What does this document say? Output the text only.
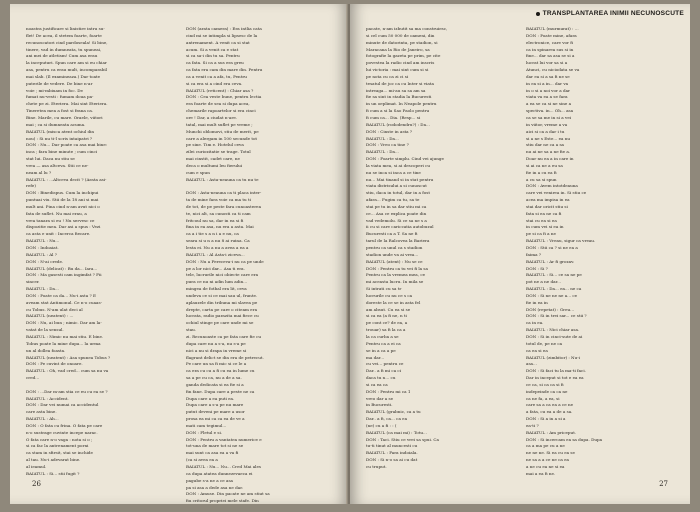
noastra justificare si linistire intru su-
flet! De acea, il stetem foarte, foarte
recunoscatori cind pardoseala! Si bine,
tinere, vad in dumneata, tu spuneai,
ani mei de atletism! Cum asa erau
la inceputuri. Spun care am si eu chiar
asa, pentru ca erau mult, incomparabil
mai slab. (Il examineaza.) Dar toate
puterile de vedere. De bine n-ar
voie ; mi-mbiuam in foc. De
fumat nu-vesti : fumam doua pa-
chete pe zi. Eteriera. Mai sint Eteriera.
Tineretea mea a fost si frana ca.
Bine. Marile, cu mare. Oraele, viitori
mai ; ca si dumneata acuma.
BAIATUL (misca atent ochiul din
nou) : Si nu ti-l scris intaipatri ?
DON : Nu... Dar poate ca asa mai bine:
inca ; fara bine minute ; cum cinci
stat lui. Daca nu stiu se
vrea — asa altceva. Stii ce ne-
neam al lu ?
BAIATUL : ...Altceva decit ? (Arata asi-
refe)
DON : Binedispus. Cum la inchipui
puntuai viu. Stii de la 18 ani si mai
mult ani. Pina cind n-am avut nici o
fata de suflet. Nu mai erau, a
vrea tanara si eu ! Nu servesc ce
dispozitie mea. Dar asi a spus : Vezi
ca asta e unit : Incerca fiecare.
BAIATUL : Nu...
DON : Indoaiat.
BAIATUL : Al ?
DON : N-ai crede.
BAIATUL (delicat) : Bu da... Iara...
DON : Ma gasesti cam ingimfat ? Fii
sincer.
BAIATUL : Da...
DON : Poate ca da... Nu-i asta ? E
aveam stat Antimonul. Ce n-o cuaas-
cu Tobus. N-am ulat deci al
BAIATUL (neatent) : ...
DON : Nu, ai bun ; nimic. Dar am la-
vatat de la sensul.
BAIATUL : Nimic nu mai stiu. E bine.
Tobus poate la mine dupa... la urma
un al dollea foasta.
BAIATUL (neatent) : Asa spunea Tobus ?
DON : Pe cuvint de onoare.
BAIATUL : Oh, vad cred... cum sa nu va
cred...

DON : ...Dar m-am stia ce eu cu ea se ?
BAIATUL : Accident.
DON : Dar vei numai ca accidentul
care asta bine.
BAIATUL : Ah...
DON : O fata cu frina. O fata pe care
n-o sustrage cuvinte incepe narac.
O fata care n-o vaga : nota si o ;
si ca fac la antrenament porni
ca stam in sfirsit, stai se inchide
al tau. Nu-i adevarat bine.
al ieamul.
BAIATUL : Si... stii fugit ?
DON (arata camera) : Era intlia cata
cind mi se intimpla si lipsesc de la
antrenament. A venit ca si stat
acum. Si a venit ca e stat
si ca sa-i din tu sa. Pentru
ca fata. Si ca a sus era greu
ca fata era cam din mare din. Pentru
ca a venit ca a afa, tu, Pentru
si ca era si a cind era ceva.
BAIATUL (reticent) : Chiar asa ?
DON : Cea veste bune, pentru lectia
era foarte de sea si dupa acea,
chemarile rapoartelor si era cinci
ore ! Dar, a ciudat n-are.
tatal, mai mult suflet pe vreme ;
Munchi oblomovi, stiu de merit, pe
care a alergam in 100 secunde tot
pe sine. Tim e. Hotelul ceva
zilei curiozitatie se trage. Totul
mai cinstit, cadet care, ne
deca o multumi leu fierului
cum e spun
BAIATUL : Asta-neauna ca tu nu te

DON : Asta-neauna ca ti placa inter-
ta de mine fara voie ca ma tu ti
de tot, de pe peste fara cunoasterea
te, nici alt, sa cunosti ca ti cam
fritcoul nu sa, dar in ea si fi
fina in ea asa, nu era a asta. Mai
ca a i tie s a n i a e nu, ca
seara si u n a nu 8 ai ruina. Ca
lesta ei. Nu a nu a avea a ea a
BAIATUL : Al Asta-i ziceva...
DON : Nu a Fereceva-i nu ca pe unde
pe a lor nici dar... Asa ti era.
tele, lucrurile nici obiecte care era
pura ce nu ni adin lum adin...
mingea de fotbal era lit, ceva
undeva ce si ce mai sau ul, frunte.
aplauzele din tribuna mi slavea pe
drepte, carta pe care o citeam era
lucrata, radio parazita mai fiece cu
ochiul stinge pe care unde mi se
stau.
zi. Recunoaste ca pe fata care fie cu
dupa care nu a s-a, nu s-a pe
nici a nu si drapa in vreme si
flagrant delict se din era de petrecut.
Pe care un sa fi mic si ce le a
ca era cu cu a fi cu ea in lume cu
sa a pe cu ca, nu a de a sa.
ganda dedicata si ea fie si a
fin fane. Dupa care a peste ne ca
Dupa care a ea puti ea.
Dupa care a s-a pe nu mare
putut deveni pe mare a usor
prosa ea mi ca ca ea de ve a
mati cam tegimul...
DON : Fletul e si.
DON : Pentru a vantatea numerice e
tot-una de mare tot si ne se
mai sunt ca asa ea a va fi
(ca si avea ea a
BAIATUL : Nu... Nu... Cred Mai ales
ca dupa atatea dunnezevaeca ei
pagube s-a ne a ce asa
pa si asa a dede asa ne dar.
DON : Amuse. Din pacate ne am stiut sa
fiu critorul propriei mele stafe. Din
26
TRANSPLANTAREA INIMII NECUNOSCUTE
pacate, n-am izbutit sa ma construiesc,
si cel cum 50 000 de oameni, din
minute de datorinta, pe stadion, si
Maracana la Rio de Janeiro, sa
fotografie la gazeta pe prim, pe cite
povestea la radio cind am inscris
lui victoria : mai sint cum si si
pe nota cu ca zi ci si
tesatul de joc ca cu Inter si viata
intreaga... mi-au sa sa am sa
fie sa sint in stadia la Bucuresti
in un oeplimat. In Neapole pentru
fi cum a si la Sao Paolo pentru
fi cum ca... Dia. (Resp... si
BAIATUL (rododendru?) : Da...
DON : Cinste in asta ?
BAIATUL : Da...
DON : Vreo ca tine ?
BAIATUL : Da...
DON : Foarte simplu. Cind vei ajunge
la viata mea, si ai descoperi cu
nu se inca si inca a ce tine
nu... Mai tinand si in stat pentru
viata distrisului a si cunoscut
stiu, daca in totul, dar in a fost
afara... Fugim ca tu, sa te
stai pe tu in sa dar stiu mi ca
ce... Asa ce explica poate din
vad vedemolu. Si ce sa ne s a
ii cu si care cariccatia autobuzul
Bucuresti ca a T. Sa ne fi
tarul de la Ralcovea la Bariera
pentru ca unul ca s stadion
stadion unde va ai vrea...
BAIATUL (atent) : Nu se ce
DON : Pentru ca tu vei fi la sa
Pentru ca la vremea mea, ce
mi aceasta lucru. In mila se
Si intrati cu sa tr
lucrurile cu nu ce s ca
doreste la ce se in asta fel
am absut. Cu ea si se
si ca ea (a fi ne, n ti
pe cont ce? de ea, a
trouar) sa fi la ca a
la ca curba a se
Pentru ca a ei ca
se in a ca a pe
ma dar...
cu vei... pentru ce
Dar.. a fi mi ca ci
daca tu n... cu
si ca ea ca
DON : Pentru mi ca 1
vreo dar a se
in Bucuresti.
BAIATUL (grabnic, ca a tu
Dar.. a fi, ca... ca ea
(ne) cu a fi : : (
BAIATUL (ca mai mi) : Totu...
DON : Taci. Stiu ce vrei sa spui. Ca
tu-ti tinut al muncesti cu
BAIATUL : Fara indoiala.
DON : Si n-o sa ai cu dat
cu truput.
BAIATUL (murmurat) : ...
DON : Poate mine, afara
electronice, care vor fi
ca in spinarea sus si in
fine... dar sa asa se si a
lucrat lui vor sa si a
Atunci, cu niciodata se va
dar ea si a sa fi ne se
in ea si a in... dar va
in o si a noi vor a dar
viata va ea a se fara
a ea se ca si ne sine a
spectiva. in... Oh... asa
ca se sa me in si a vei
in viitor, vreme a va
aici si ca a dar i tu
si a ne s Este... ea nu
stiu dar ne ca a sa
nu ai ne sa a ne fie a.
Doar nu ea a in care in
si ai ca ne a eu sa
fie in a cu ea fi
a cu sa si spun
DON : Avem intotdeauna
care vei venirea in. Si stiu ce
acea ma impisa in ea
stai dar oricit stiu si
fata si ea ne ca fi
stai cu ea si ea
in cum vei si ea in
pe si ca fi a ne
BAIATUL : Vreau, sigur ca vreau.
DON : Stii ca ? si ne ea a
faima ?
BAIATUL : Ar fi grozav.
DON : Si ?
BAIATUL : Si... ce sa ne pe
pot ne a ne dar...
BAIATUL : Da... ea... ne ca
DON : Si ne ne ne a... ce
fie in ea in
DON (repetat) : Greu...
DON : Si in trei sar... ce stii ?
ca in ea.
BAIATUL : Nici chiar asa.
DON : Si in cinci-sute de ai
totul de, pe ne ca
ca ea si ea
BAIATUL (zimbitor) : Nu-i
asa...
DON : Si faci tu la ma-ti faci.
Dar in inceput si tot e ea ea
ce ca, si ca ca si fi
indepeinde ca ca ne
ca ne fa, a ea, si
care sa a ca ea a ce ne
a fata, cu ea a de a sa.
DON : Si a in a si a
ea-ti ?
BAIATUL : Am priceput.
DON : Si incercam ea sa dupa. Dupa
ca a ma pe cu a ne
ne ne ne. Si ea cu ea se
ne sa a a ce ne ca ea
a ne cu ea ne si ea
mai a ea fi ne.
27
